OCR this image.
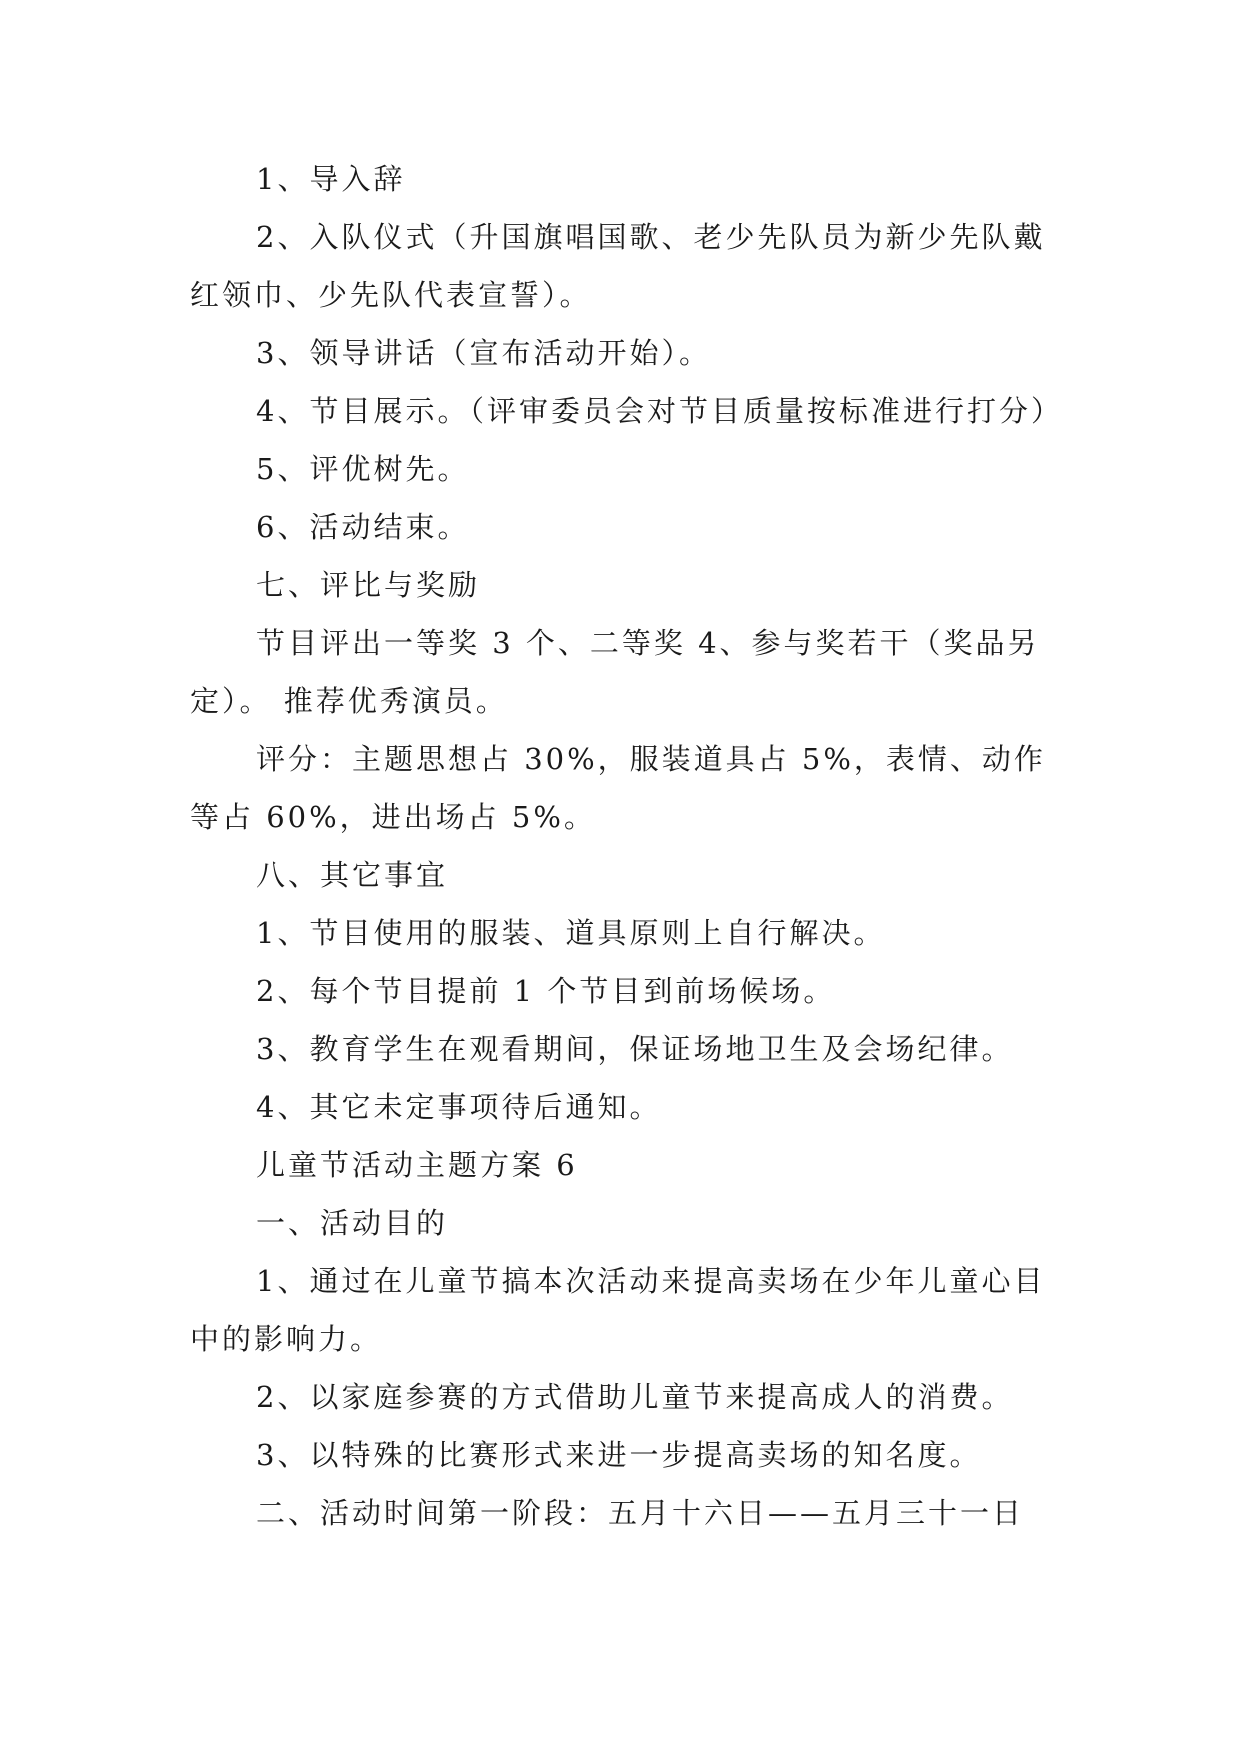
1、导入辞

2、入队仪式（升国旗唱国歌、老少先队员为新少先队戴红领巾、少先队代表宣誓）。

3、领导讲话（宣布活动开始）。

4、节目展示。（评审委员会对节目质量按标准进行打分）

5、评优树先。

6、活动结束。

七、评比与奖励

节目评出一等奖 3 个、二等奖 4、参与奖若干（奖品另定）。 推荐优秀演员。

评分：主题思想占 30%，服装道具占 5%，表情、动作等占 60%，进出场占 5%。

八、其它事宜

1、节目使用的服装、道具原则上自行解决。

2、每个节目提前 1 个节目到前场候场。

3、教育学生在观看期间，保证场地卫生及会场纪律。

4、其它未定事项待后通知。

儿童节活动主题方案 6

一、活动目的

1、通过在儿童节搞本次活动来提高卖场在少年儿童心目中的影响力。

2、以家庭参赛的方式借助儿童节来提高成人的消费。

3、以特殊的比赛形式来进一步提高卖场的知名度。

二、活动时间第一阶段：五月十六日——五月三十一日
